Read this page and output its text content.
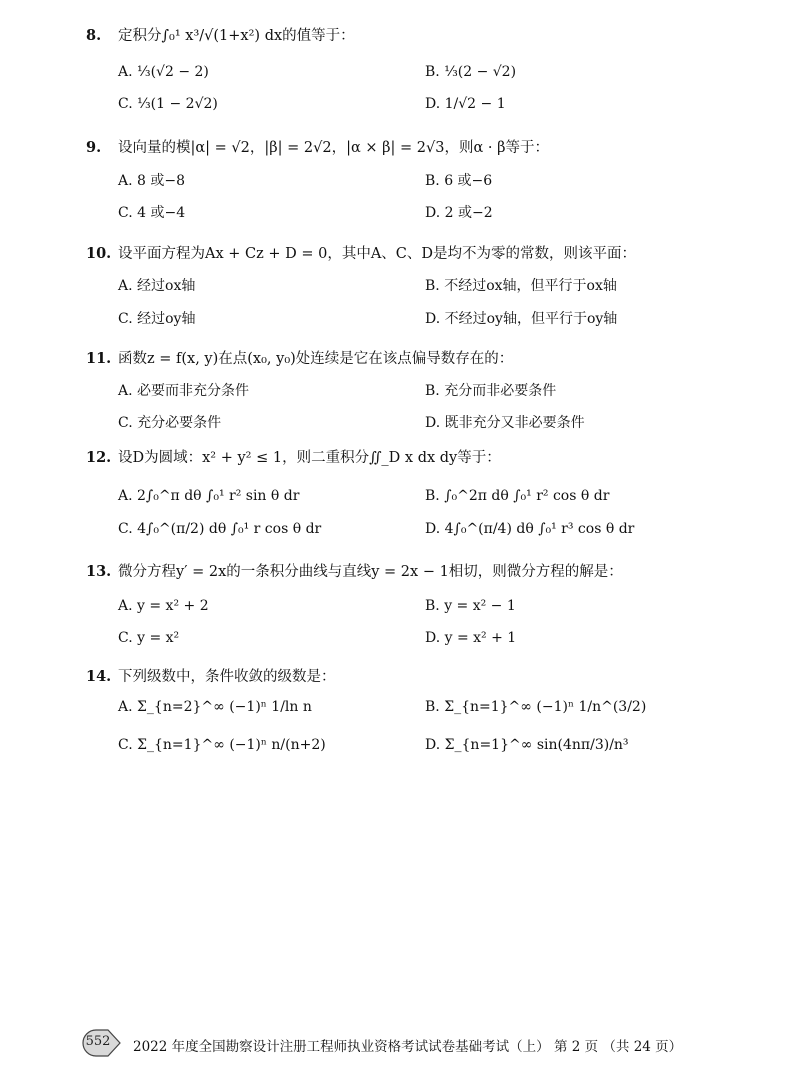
8. 定积分∫₀¹ x³/√(1+x²) dx的值等于：
A. ⅓(√2 − 2)	B. ⅓(2 − √2)
C. ⅓(1 − 2√2)	D. 1/√2 − 1
9. 设向量的模|α| = √2，|β| = 2√2，|α × β| = 2√3，则α · β等于：
A. 8 或−8	B. 6 或−6
C. 4 或−4	D. 2 或−2
10. 设平面方程为Ax + Cz + D = 0，其中A、C、D是均不为零的常数，则该平面：
A. 经过ox轴	B. 不经过ox轴，但平行于ox轴
C. 经过oy轴	D. 不经过oy轴，但平行于oy轴
11. 函数z = f(x, y)在点(x₀, y₀)处连续是它在该点偏导数存在的：
A. 必要而非充分条件	B. 充分而非必要条件
C. 充分必要条件	D. 既非充分又非必要条件
12. 设D为圆域：x² + y² ≤ 1，则二重积分∬_D x dx dy等于：
A. 2∫₀^π dθ ∫₀¹ r² sin θ dr	B. ∫₀^2π dθ ∫₀¹ r² cos θ dr
C. 4∫₀^(π/2) dθ ∫₀¹ r cos θ dr	D. 4∫₀^(π/4) dθ ∫₀¹ r³ cos θ dr
13. 微分方程y′ = 2x的一条积分曲线与直线y = 2x − 1相切，则微分方程的解是：
A. y = x² + 2	B. y = x² − 1
C. y = x²	D. y = x² + 1
14. 下列级数中，条件收敛的级数是：
A. Σ_{n=2}^∞ (−1)ⁿ 1/ln n	B. Σ_{n=1}^∞ (−1)ⁿ 1/n^(3/2)
C. Σ_{n=1}^∞ (−1)ⁿ n/(n+2)	D. Σ_{n=1}^∞ sin(4nπ/3)/n³
552 2022 年度全国勘察设计注册工程师执业资格考试试卷基础考试（上） 第 2 页 （共 24 页）
